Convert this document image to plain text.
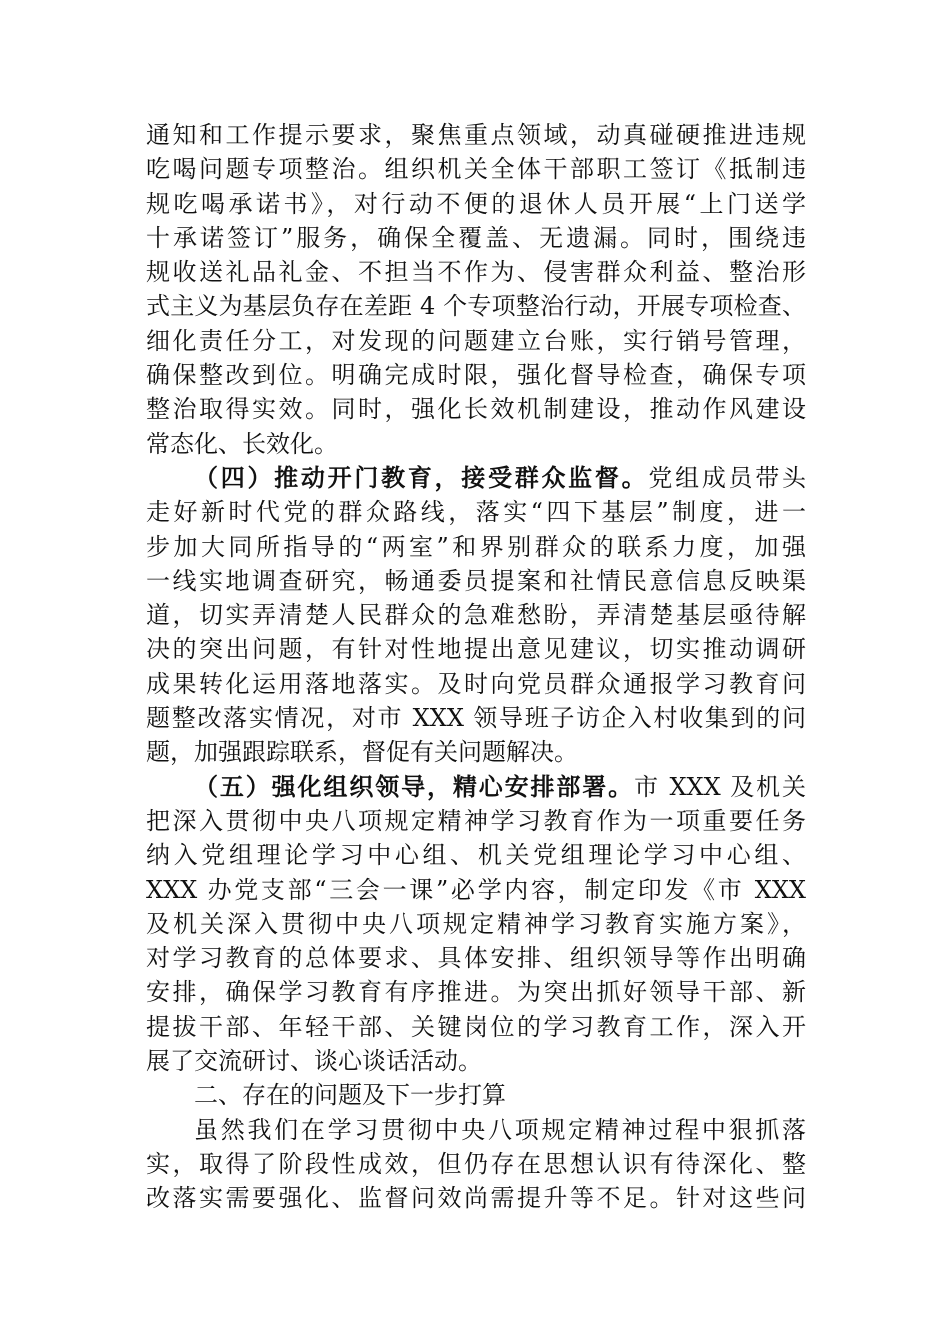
通知和工作提示要求，聚焦重点领域，动真碰硬推进违规
吃喝问题专项整治。组织机关全体干部职工签订《抵制违
规吃喝承诺书》，对行动不便的退休人员开展“上门送学
十承诺签订”服务，确保全覆盖、无遗漏。同时，围绕违
规收送礼品礼金、不担当不作为、侵害群众利益、整治形
式主义为基层负存在差距 4 个专项整治行动，开展专项检查、
细化责任分工，对发现的问题建立台账，实行销号管理，
确保整改到位。明确完成时限，强化督导检查，确保专项
整治取得实效。同时，强化长效机制建设，推动作风建设
常态化、长效化。
（四）推动开门教育，接受群众监督。党组成员带头
走好新时代党的群众路线，落实“四下基层”制度，进一
步加大同所指导的“两室”和界别群众的联系力度，加强
一线实地调查研究，畅通委员提案和社情民意信息反映渠
道，切实弄清楚人民群众的急难愁盼，弄清楚基层亟待解
决的突出问题，有针对性地提出意见建议，切实推动调研
成果转化运用落地落实。及时向党员群众通报学习教育问
题整改落实情况，对市 XXX 领导班子访企入村收集到的问
题，加强跟踪联系，督促有关问题解决。
（五）强化组织领导，精心安排部署。市 XXX 及机关
把深入贯彻中央八项规定精神学习教育作为一项重要任务
纳入党组理论学习中心组、机关党组理论学习中心组、
XXX 办党支部“三会一课”必学内容，制定印发《市 XXX
及机关深入贯彻中央八项规定精神学习教育实施方案》，
对学习教育的总体要求、具体安排、组织领导等作出明确
安排，确保学习教育有序推进。为突出抓好领导干部、新
提拔干部、年轻干部、关键岗位的学习教育工作，深入开
展了交流研讨、谈心谈话活动。
二、存在的问题及下一步打算
虽然我们在学习贯彻中央八项规定精神过程中狠抓落
实，取得了阶段性成效，但仍存在思想认识有待深化、整
改落实需要强化、监督问效尚需提升等不足。针对这些问
